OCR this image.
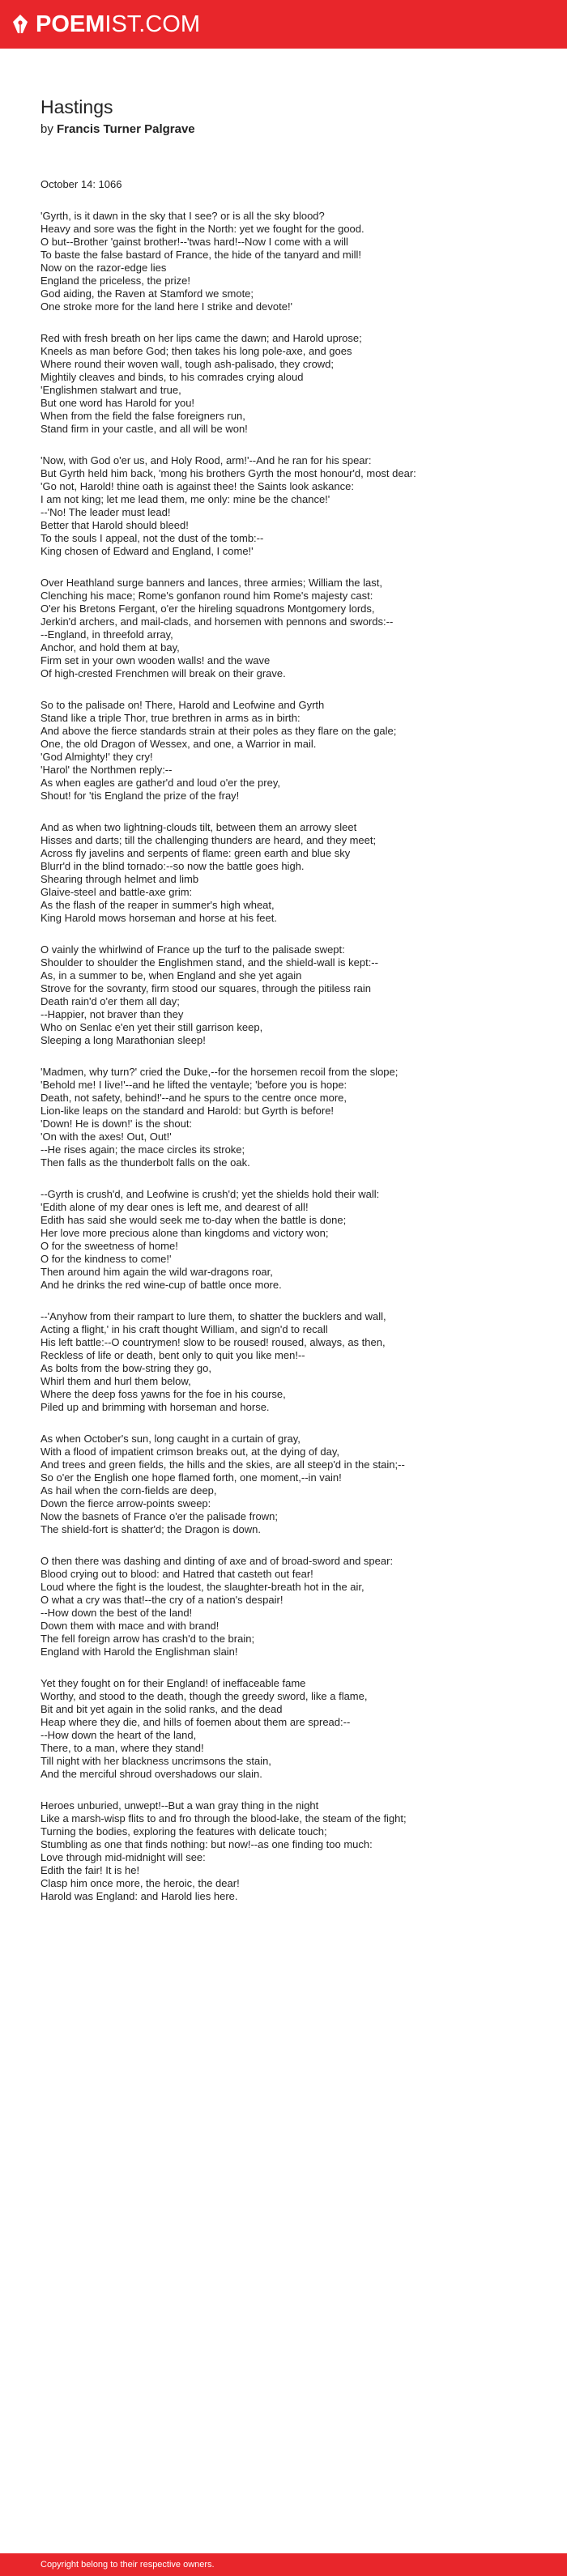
POEMIST.COM
Hastings
by Francis Turner Palgrave
October 14: 1066
'Gyrth, is it dawn in the sky that I see? or is all the sky blood?
Heavy and sore was the fight in the North: yet we fought for the good.
O but--Brother 'gainst brother!--'twas hard!--Now I come with a will
To baste the false bastard of France, the hide of the tanyard and mill!
Now on the razor-edge lies
England the priceless, the prize!
God aiding, the Raven at Stamford we smote;
One stroke more for the land here I strike and devote!'
Red with fresh breath on her lips came the dawn; and Harold uprose;
Kneels as man before God; then takes his long pole-axe, and goes
Where round their woven wall, tough ash-palisado, they crowd;
Mightily cleaves and binds, to his comrades crying aloud
'Englishmen stalwart and true,
But one word has Harold for you!
When from the field the false foreigners run,
Stand firm in your castle, and all will be won!
'Now, with God o'er us, and Holy Rood, arm!'--And he ran for his spear:
But Gyrth held him back, 'mong his brothers Gyrth the most honour'd, most dear:
'Go not, Harold! thine oath is against thee! the Saints look askance:
I am not king; let me lead them, me only: mine be the chance!'
--'No! The leader must lead!
Better that Harold should bleed!
To the souls I appeal, not the dust of the tomb:--
King chosen of Edward and England, I come!'
Over Heathland surge banners and lances, three armies; William the last,
Clenching his mace; Rome's gonfanon round him Rome's majesty cast:
O'er his Bretons Fergant, o'er the hireling squadrons Montgomery lords,
Jerkin'd archers, and mail-clads, and horsemen with pennons and swords:--
--England, in threefold array,
Anchor, and hold them at bay,
Firm set in your own wooden walls! and the wave
Of high-crested Frenchmen will break on their grave.
So to the palisade on! There, Harold and Leofwine and Gyrth
Stand like a triple Thor, true brethren in arms as in birth:
And above the fierce standards strain at their poles as they flare on the gale;
One, the old Dragon of Wessex, and one, a Warrior in mail.
'God Almighty!' they cry!
'Harol' the Northmen reply:--
As when eagles are gather'd and loud o'er the prey,
Shout! for 'tis England the prize of the fray!
And as when two lightning-clouds tilt, between them an arrowy sleet
Hisses and darts; till the challenging thunders are heard, and they meet;
Across fly javelins and serpents of flame: green earth and blue sky
Blurr'd in the blind tornado:--so now the battle goes high.
Shearing through helmet and limb
Glaive-steel and battle-axe grim:
As the flash of the reaper in summer's high wheat,
King Harold mows horseman and horse at his feet.
O vainly the whirlwind of France up the turf to the palisade swept:
Shoulder to shoulder the Englishmen stand, and the shield-wall is kept:--
As, in a summer to be, when England and she yet again
Strove for the sovranty, firm stood our squares, through the pitiless rain
Death rain'd o'er them all day;
--Happier, not braver than they
Who on Senlac e'en yet their still garrison keep,
Sleeping a long Marathonian sleep!
'Madmen, why turn?' cried the Duke,--for the horsemen recoil from the slope;
'Behold me! I live!'--and he lifted the ventayle; 'before you is hope:
Death, not safety, behind!'--and he spurs to the centre once more,
Lion-like leaps on the standard and Harold: but Gyrth is before!
'Down! He is down!' is the shout:
'On with the axes! Out, Out!'
--He rises again; the mace circles its stroke;
Then falls as the thunderbolt falls on the oak.
--Gyrth is crush'd, and Leofwine is crush'd; yet the shields hold their wall:
'Edith alone of my dear ones is left me, and dearest of all!
Edith has said she would seek me to-day when the battle is done;
Her love more precious alone than kingdoms and victory won;
O for the sweetness of home!
O for the kindness to come!'
Then around him again the wild war-dragons roar,
And he drinks the red wine-cup of battle once more.
--'Anyhow from their rampart to lure them, to shatter the bucklers and wall,
Acting a flight,' in his craft thought William, and sign'd to recall
His left battle:--O countrymen! slow to be roused! roused, always, as then,
Reckless of life or death, bent only to quit you like men!--
As bolts from the bow-string they go,
Whirl them and hurl them below,
Where the deep foss yawns for the foe in his course,
Piled up and brimming with horseman and horse.
As when October's sun, long caught in a curtain of gray,
With a flood of impatient crimson breaks out, at the dying of day,
And trees and green fields, the hills and the skies, are all steep'd in the stain;--
So o'er the English one hope flamed forth, one moment,--in vain!
As hail when the corn-fields are deep,
Down the fierce arrow-points sweep:
Now the basnets of France o'er the palisade frown;
The shield-fort is shatter'd; the Dragon is down.
O then there was dashing and dinting of axe and of broad-sword and spear:
Blood crying out to blood: and Hatred that casteth out fear!
Loud where the fight is the loudest, the slaughter-breath hot in the air,
O what a cry was that!--the cry of a nation's despair!
--How down the best of the land!
Down them with mace and with brand!
The fell foreign arrow has crash'd to the brain;
England with Harold the Englishman slain!
Yet they fought on for their England! of ineffaceable fame
Worthy, and stood to the death, though the greedy sword, like a flame,
Bit and bit yet again in the solid ranks, and the dead
Heap where they die, and hills of foemen about them are spread:--
--How down the heart of the land,
There, to a man, where they stand!
Till night with her blackness uncrimsons the stain,
And the merciful shroud overshadows our slain.
Heroes unburied, unwept!--But a wan gray thing in the night
Like a marsh-wisp flits to and fro through the blood-lake, the steam of the fight;
Turning the bodies, exploring the features with delicate touch;
Stumbling as one that finds nothing: but now!--as one finding too much:
Love through mid-midnight will see:
Edith the fair! It is he!
Clasp him once more, the heroic, the dear!
Harold was England: and Harold lies here.
Copyright belong to their respective owners.
